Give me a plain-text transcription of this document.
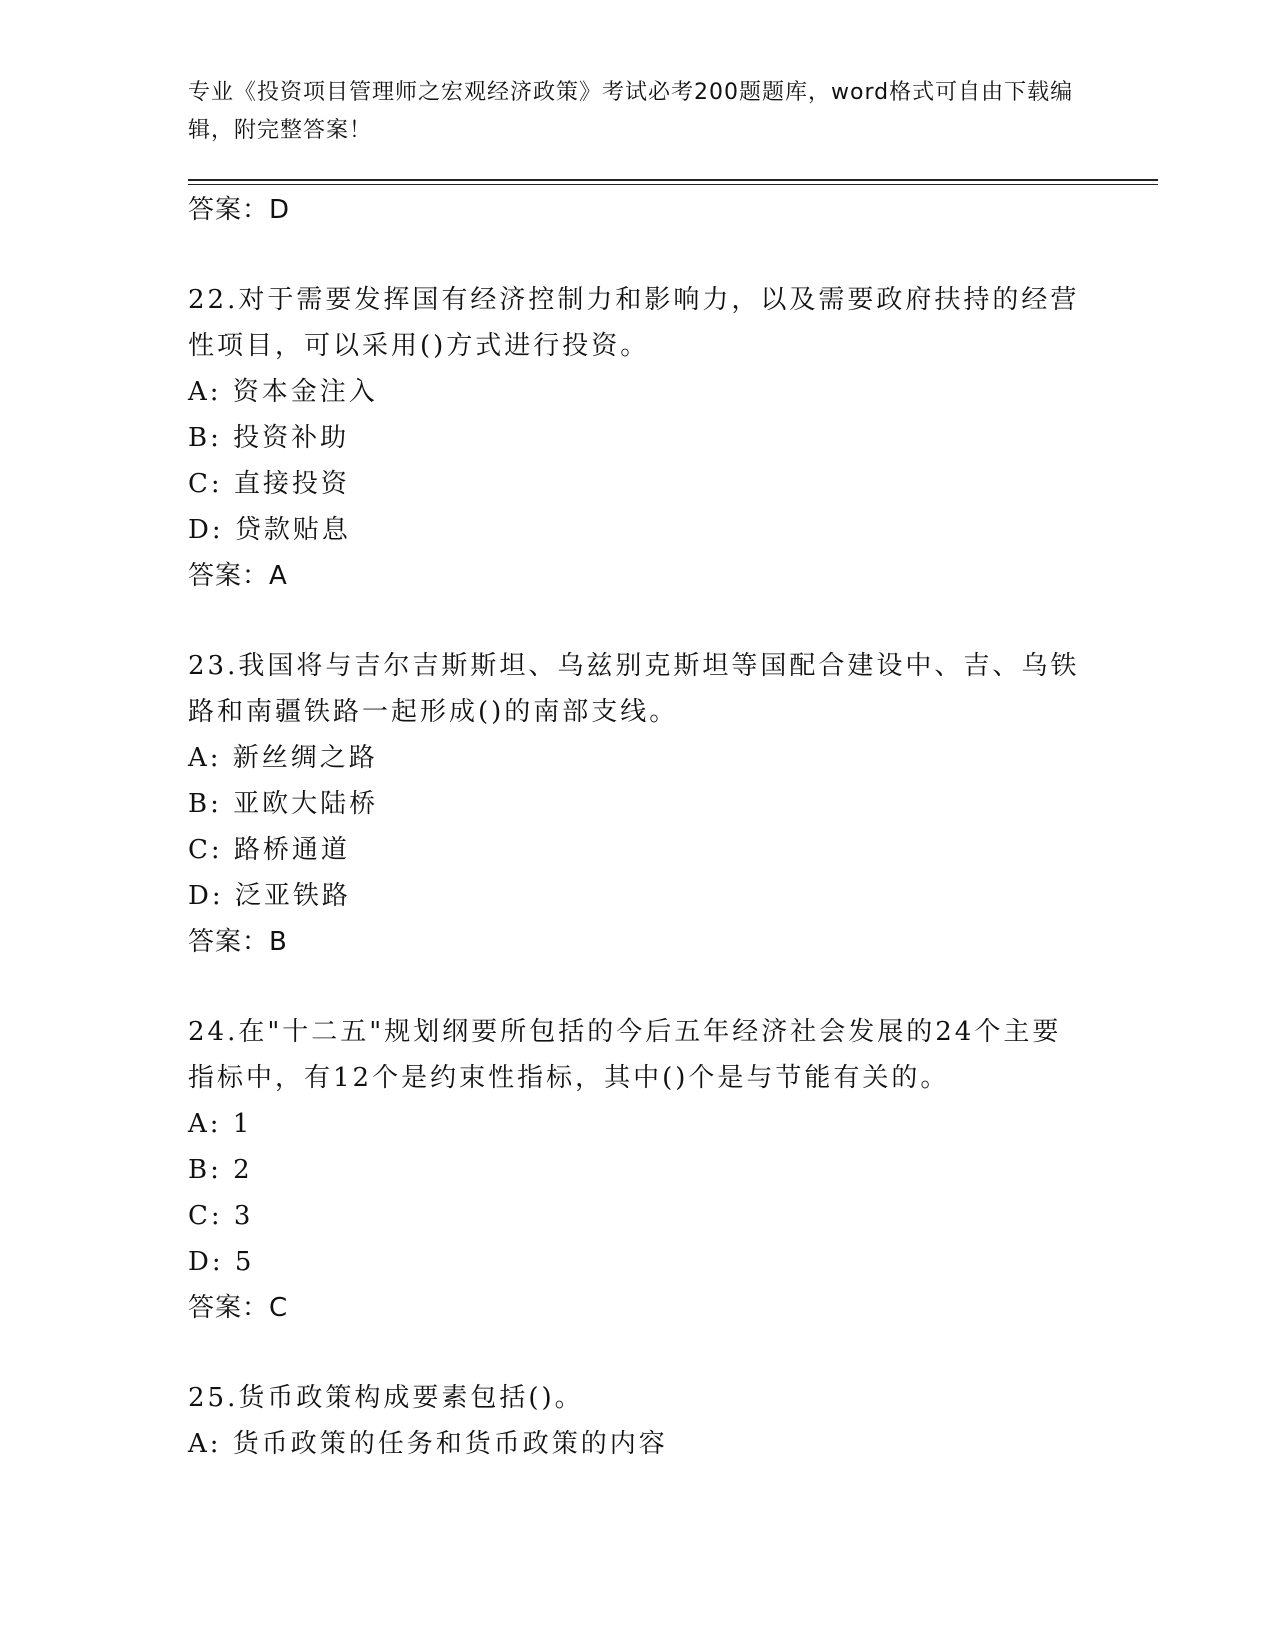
专业《投资项目管理师之宏观经济政策》考试必考200题题库，word格式可自由下载编辑，附完整答案！
答案：D
22.对于需要发挥国有经济控制力和影响力，以及需要政府扶持的经营性项目，可以采用()方式进行投资。
A: 资本金注入
B: 投资补助
C: 直接投资
D: 贷款贴息
答案：A
23.我国将与吉尔吉斯斯坦、乌兹别克斯坦等国配合建设中、吉、乌铁路和南疆铁路一起形成()的南部支线。
A: 新丝绸之路
B: 亚欧大陆桥
C: 路桥通道
D: 泛亚铁路
答案：B
24.在"十二五"规划纲要所包括的今后五年经济社会发展的24个主要指标中，有12个是约束性指标，其中()个是与节能有关的。
A: 1
B: 2
C: 3
D: 5
答案：C
25.货币政策构成要素包括()。
A: 货币政策的任务和货币政策的内容
